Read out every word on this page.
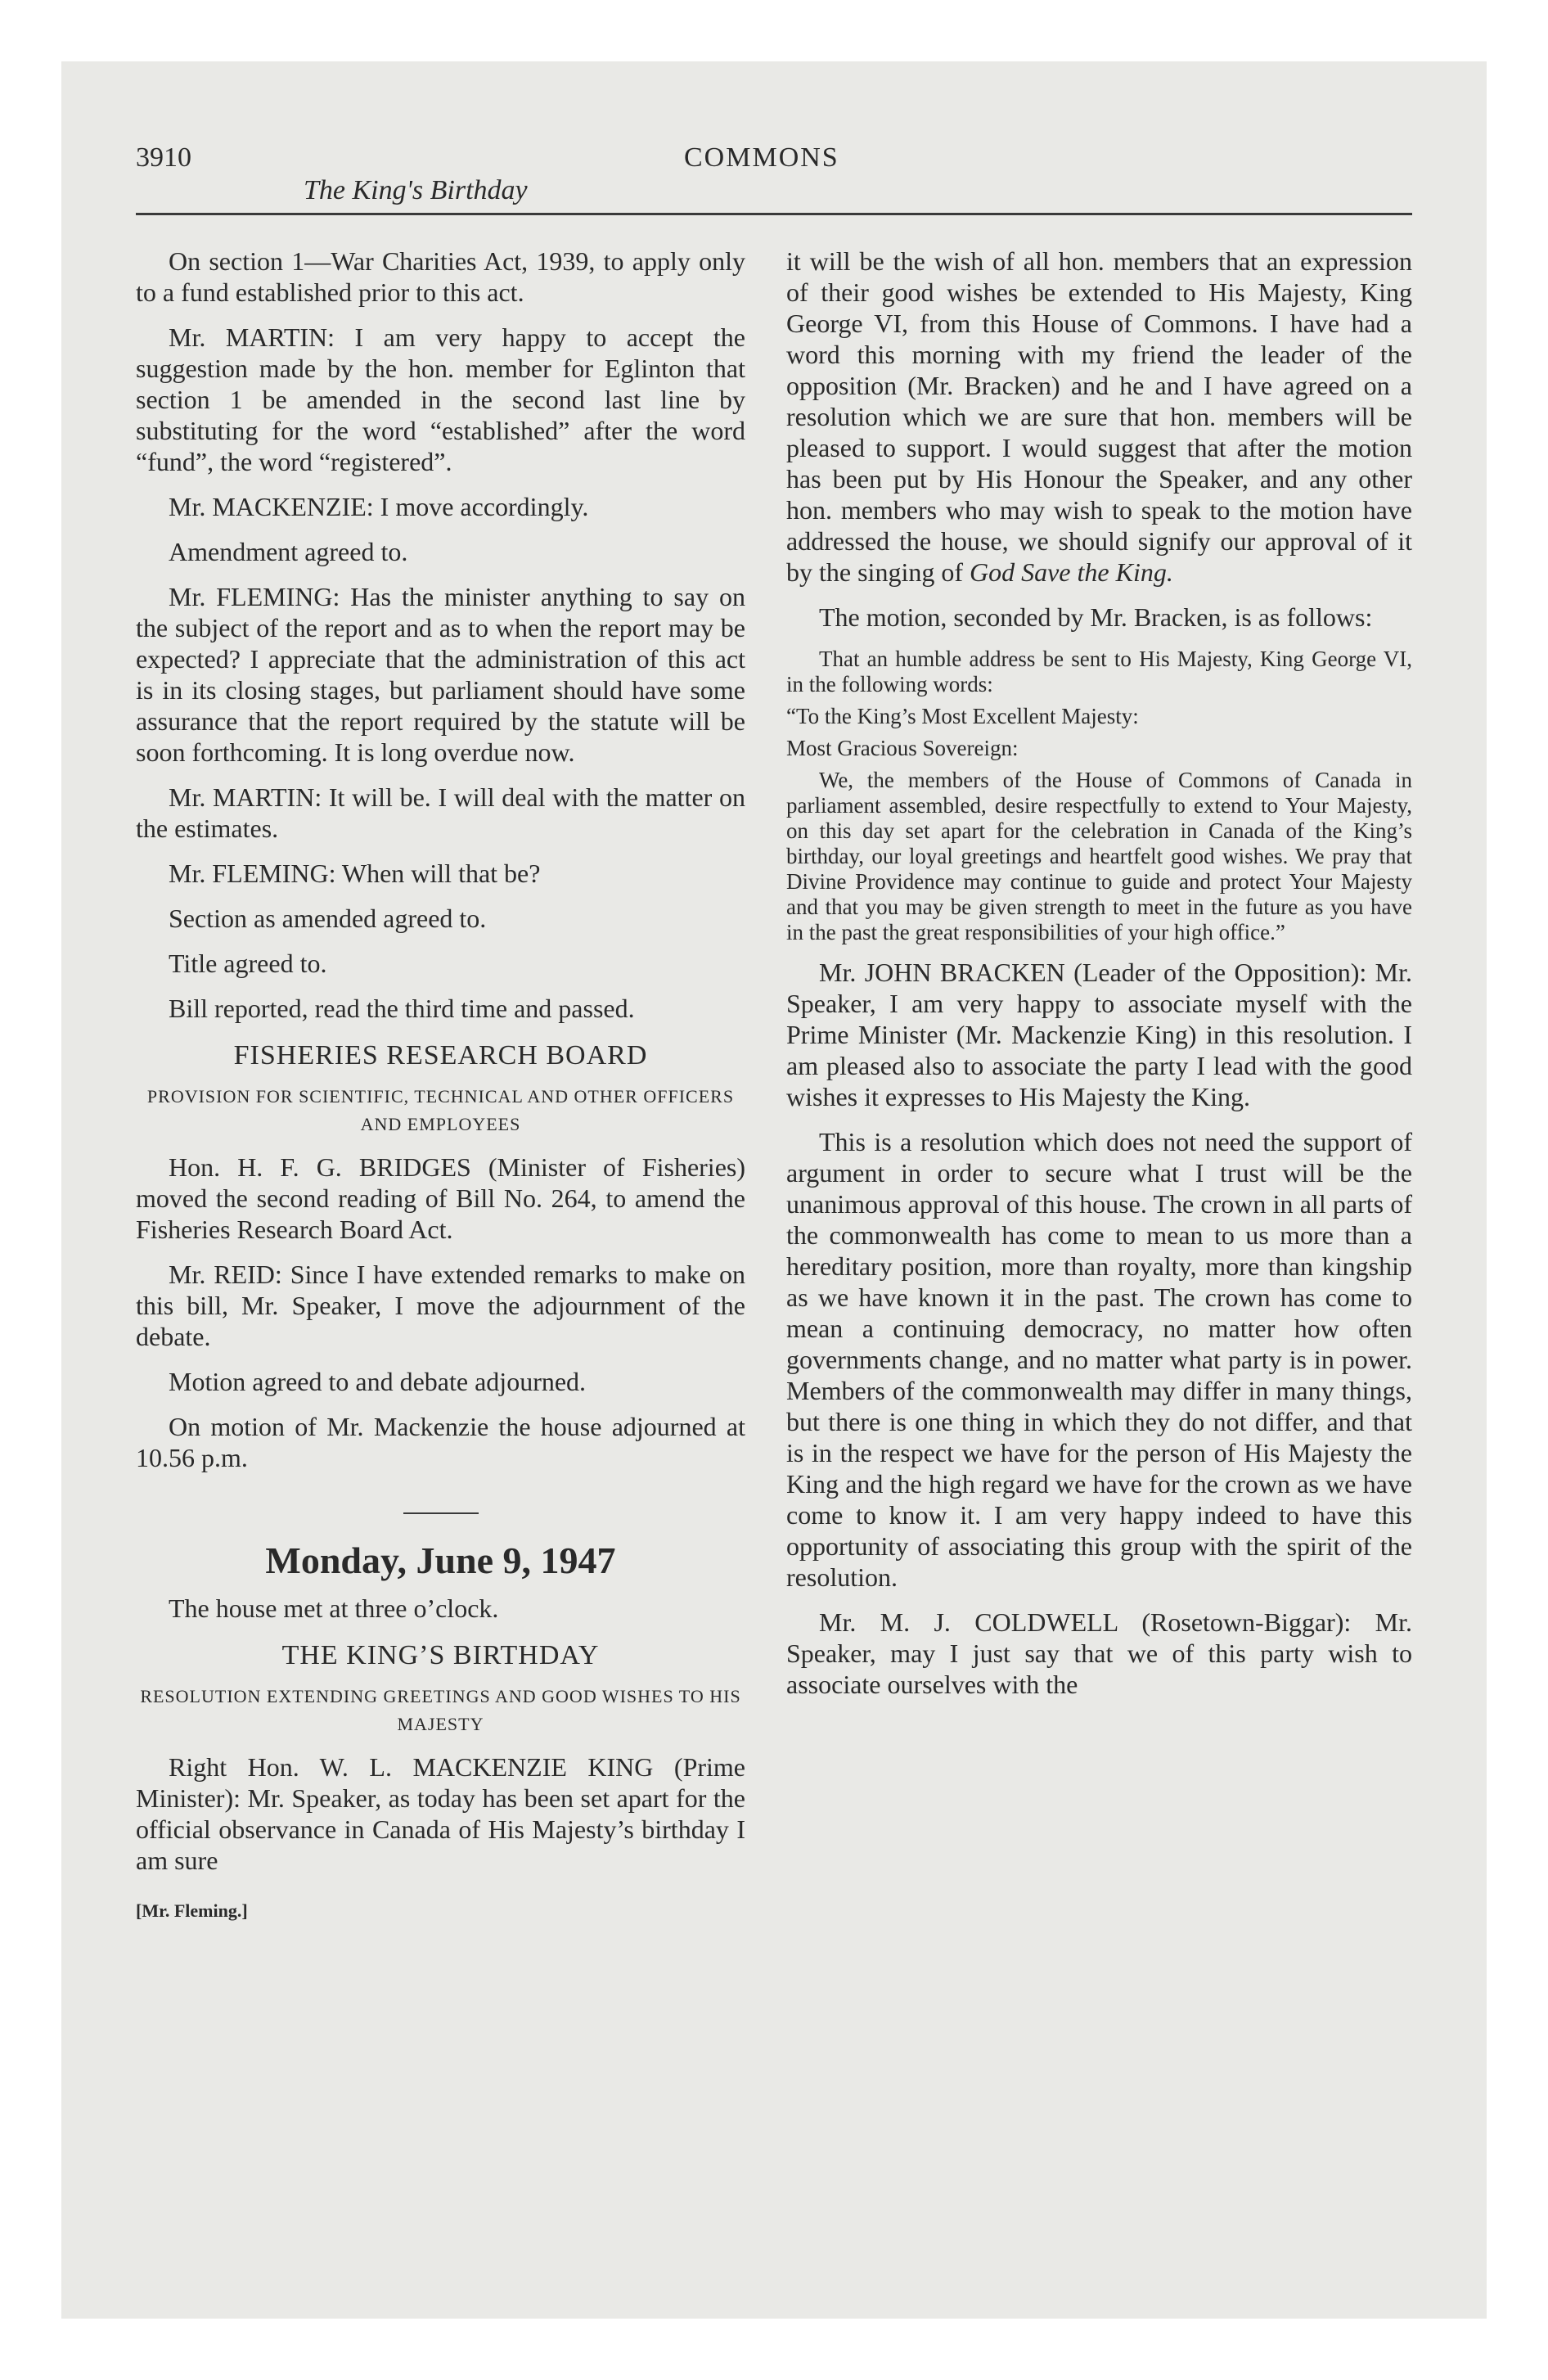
3910
The King's Birthday
COMMONS

On section 1—War Charities Act, 1939, to apply only to a fund established prior to this act.

Mr. MARTIN: I am very happy to accept the suggestion made by the hon. member for Eglinton that section 1 be amended in the second last line by substituting for the word “established” after the word “fund”, the word “registered”.

Mr. MACKENZIE: I move accordingly.

Amendment agreed to.

Mr. FLEMING: Has the minister anything to say on the subject of the report and as to when the report may be expected? I appreciate that the administration of this act is in its closing stages, but parliament should have some assurance that the report required by the statute will be soon forthcoming. It is long overdue now.

Mr. MARTIN: It will be. I will deal with the matter on the estimates.

Mr. FLEMING: When will that be?

Section as amended agreed to.

Title agreed to.

Bill reported, read the third time and passed.

FISHERIES RESEARCH BOARD
PROVISION FOR SCIENTIFIC, TECHNICAL AND OTHER OFFICERS AND EMPLOYEES

Hon. H. F. G. BRIDGES (Minister of Fisheries) moved the second reading of Bill No. 264, to amend the Fisheries Research Board Act.

Mr. REID: Since I have extended remarks to make on this bill, Mr. Speaker, I move the adjournment of the debate.

Motion agreed to and debate adjourned.

On motion of Mr. Mackenzie the house adjourned at 10.56 p.m.

Monday, June 9, 1947

The house met at three o’clock.

THE KING’S BIRTHDAY
RESOLUTION EXTENDING GREETINGS AND GOOD WISHES TO HIS MAJESTY

Right Hon. W. L. MACKENZIE KING (Prime Minister): Mr. Speaker, as today has been set apart for the official observance in Canada of His Majesty’s birthday I am sure

[Mr. Fleming.]

it will be the wish of all hon. members that an expression of their good wishes be extended to His Majesty, King George VI, from this House of Commons. I have had a word this morning with my friend the leader of the opposition (Mr. Bracken) and he and I have agreed on a resolution which we are sure that hon. members will be pleased to support. I would suggest that after the motion has been put by His Honour the Speaker, and any other hon. members who may wish to speak to the motion have addressed the house, we should signify our approval of it by the singing of God Save the King.

The motion, seconded by Mr. Bracken, is as follows:

That an humble address be sent to His Majesty, King George VI, in the following words:
“To the King’s Most Excellent Majesty:
Most Gracious Sovereign:
We, the members of the House of Commons of Canada in parliament assembled, desire respectfully to extend to Your Majesty, on this day set apart for the celebration in Canada of the King’s birthday, our loyal greetings and heartfelt good wishes. We pray that Divine Providence may continue to guide and protect Your Majesty and that you may be given strength to meet in the future as you have in the past the great responsibilities of your high office.”

Mr. JOHN BRACKEN (Leader of the Opposition): Mr. Speaker, I am very happy to associate myself with the Prime Minister (Mr. Mackenzie King) in this resolution. I am pleased also to associate the party I lead with the good wishes it expresses to His Majesty the King.

This is a resolution which does not need the support of argument in order to secure what I trust will be the unanimous approval of this house. The crown in all parts of the commonwealth has come to mean to us more than a hereditary position, more than royalty, more than kingship as we have known it in the past. The crown has come to mean a continuing democracy, no matter how often governments change, and no matter what party is in power. Members of the commonwealth may differ in many things, but there is one thing in which they do not differ, and that is in the respect we have for the person of His Majesty the King and the high regard we have for the crown as we have come to know it. I am very happy indeed to have this opportunity of associating this group with the spirit of the resolution.

Mr. M. J. COLDWELL (Rosetown-Biggar): Mr. Speaker, may I just say that we of this party wish to associate ourselves with the
